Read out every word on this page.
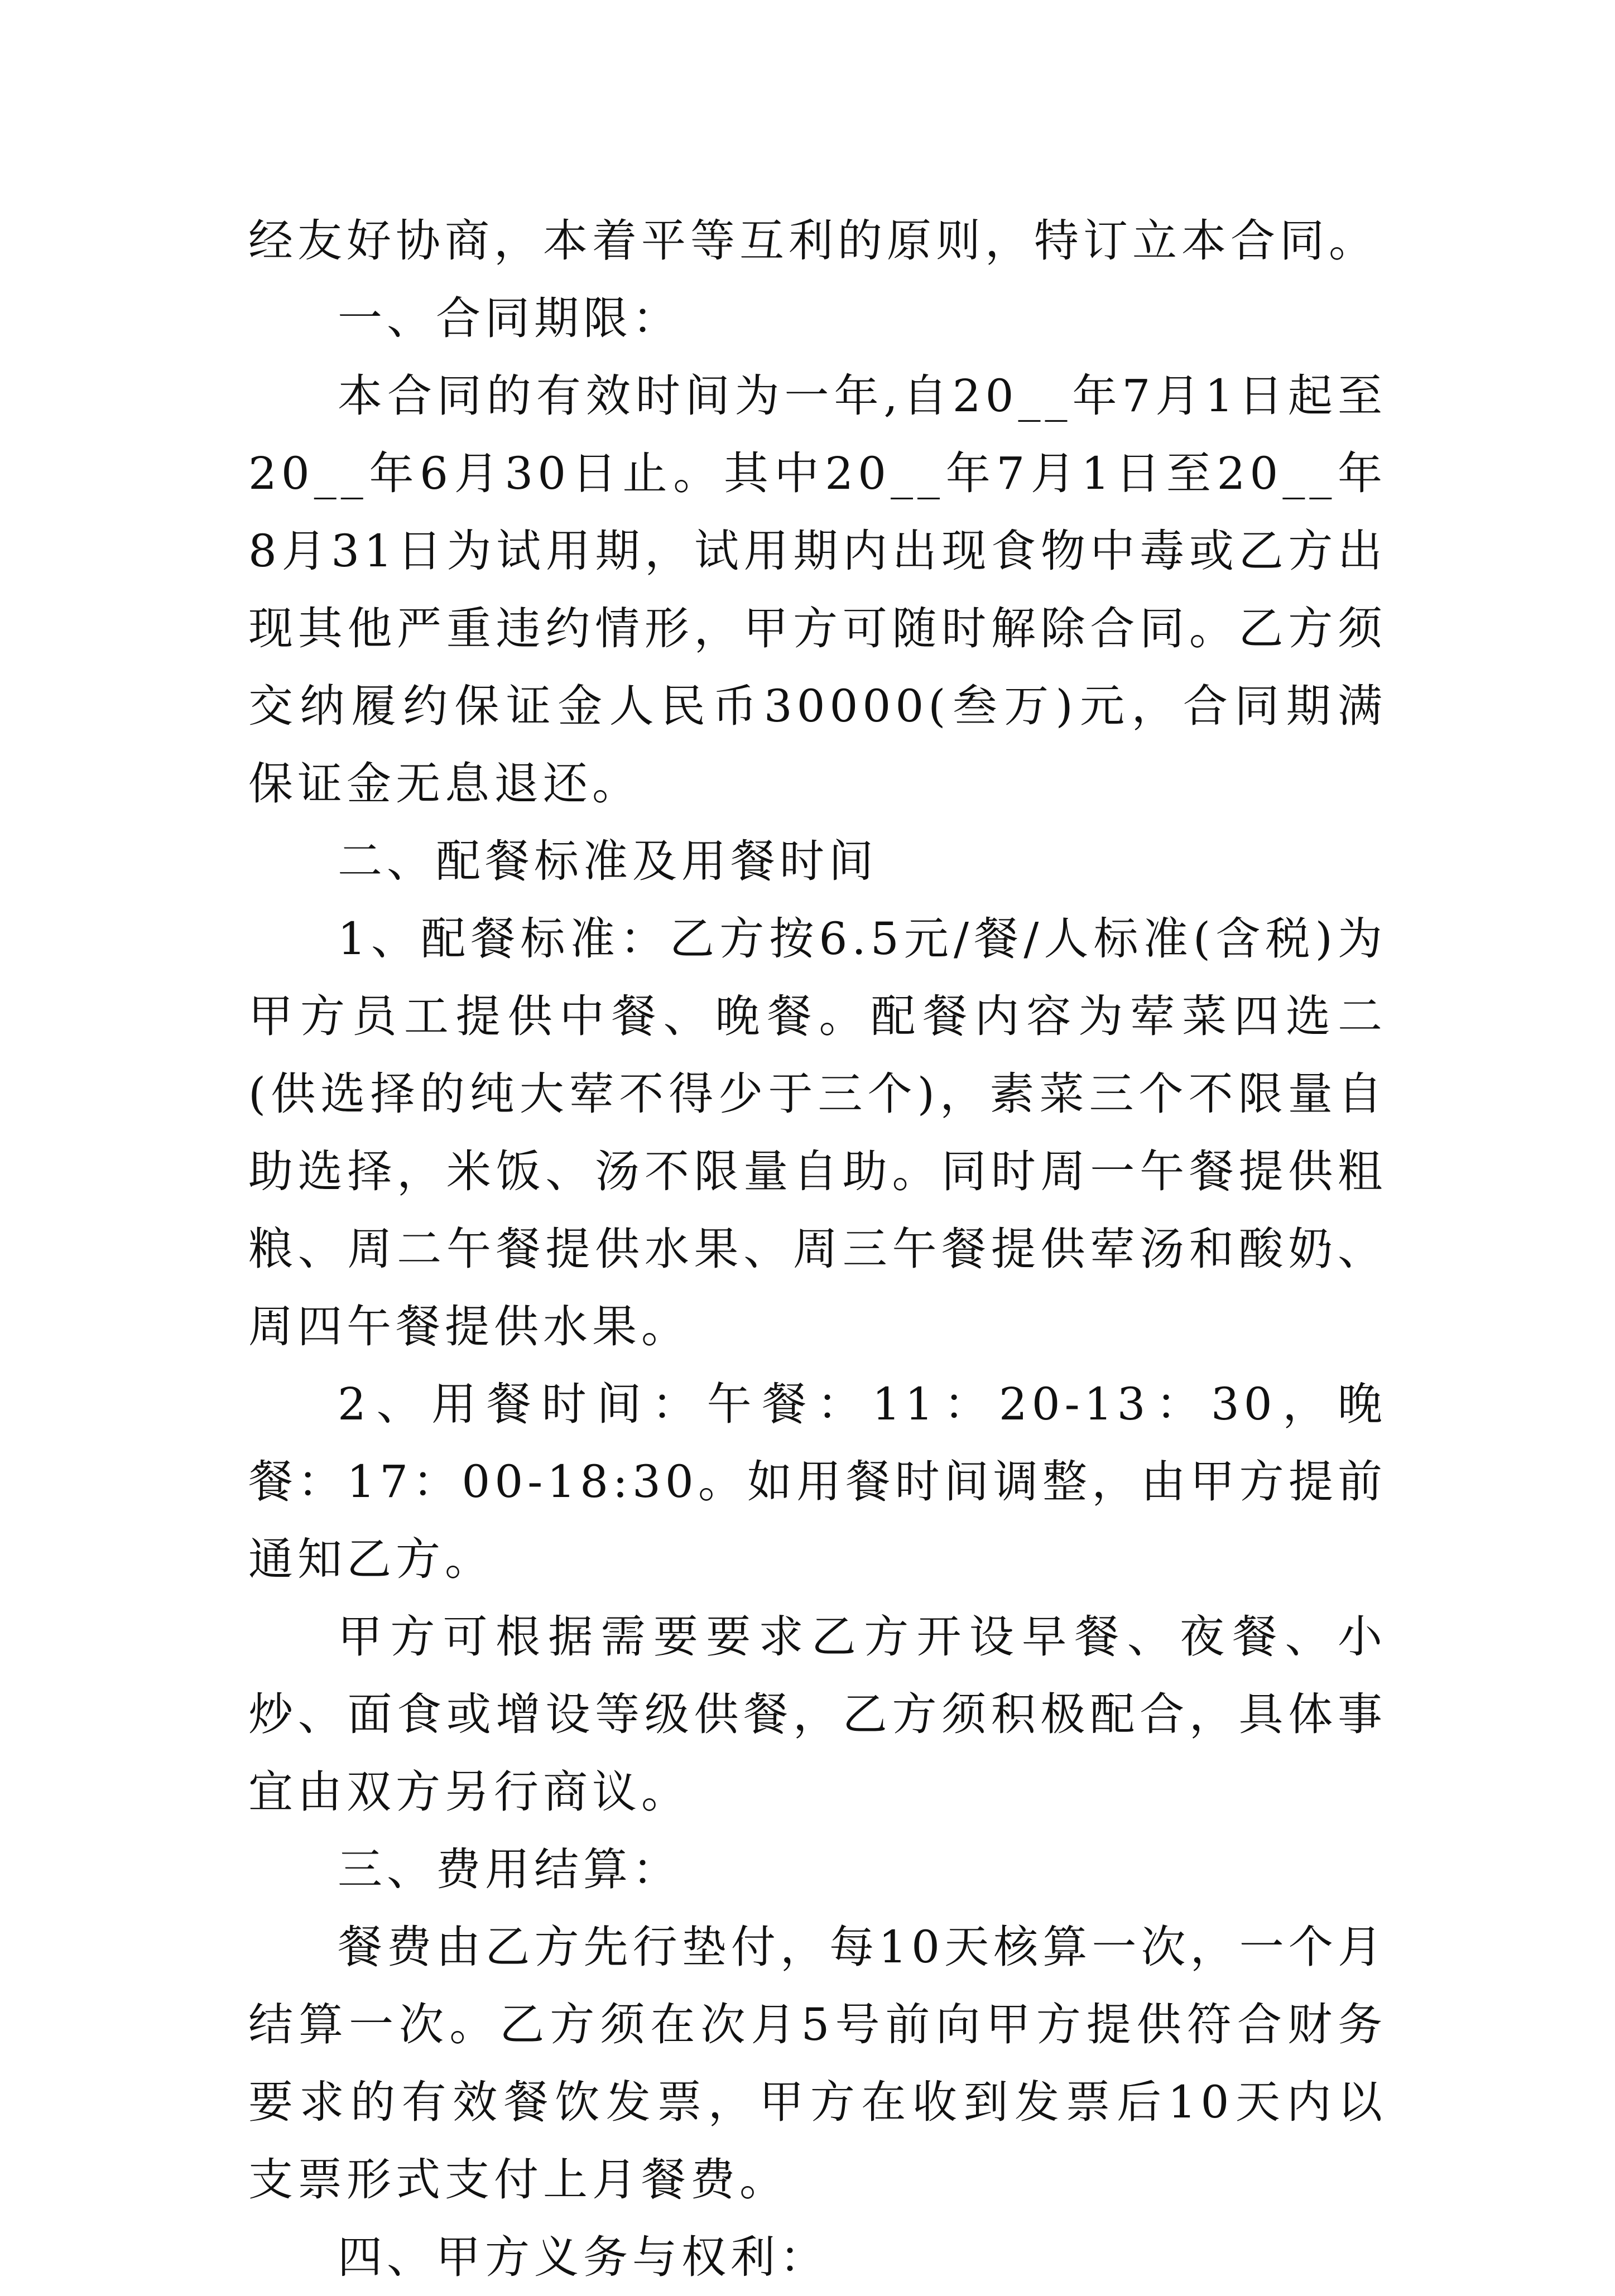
经友好协商，本着平等互利的原则，特订立本合同。

一、合同期限：

本合同的有效时间为一年,自20__年7月1日起至20__年6月30日止。其中20__年7月1日至20__年8月31日为试用期，试用期内出现食物中毒或乙方出现其他严重违约情形，甲方可随时解除合同。乙方须交纳履约保证金人民币30000(叁万)元，合同期满保证金无息退还。

二、配餐标准及用餐时间

1、配餐标准：乙方按6.5元/餐/人标准(含税)为甲方员工提供中餐、晚餐。配餐内容为荤菜四选二(供选择的纯大荤不得少于三个)，素菜三个不限量自助选择，米饭、汤不限量自助。同时周一午餐提供粗粮、周二午餐提供水果、周三午餐提供荤汤和酸奶、周四午餐提供水果。

2、用餐时间：午餐：11：20-13：30，晚餐：17：00-18:30。如用餐时间调整，由甲方提前通知乙方。

甲方可根据需要要求乙方开设早餐、夜餐、小炒、面食或增设等级供餐，乙方须积极配合，具体事宜由双方另行商议。

三、费用结算：

餐费由乙方先行垫付，每10天核算一次，一个月结算一次。乙方须在次月5号前向甲方提供符合财务要求的有效餐饮发票，甲方在收到发票后10天内以支票形式支付上月餐费。

四、甲方义务与权利：
